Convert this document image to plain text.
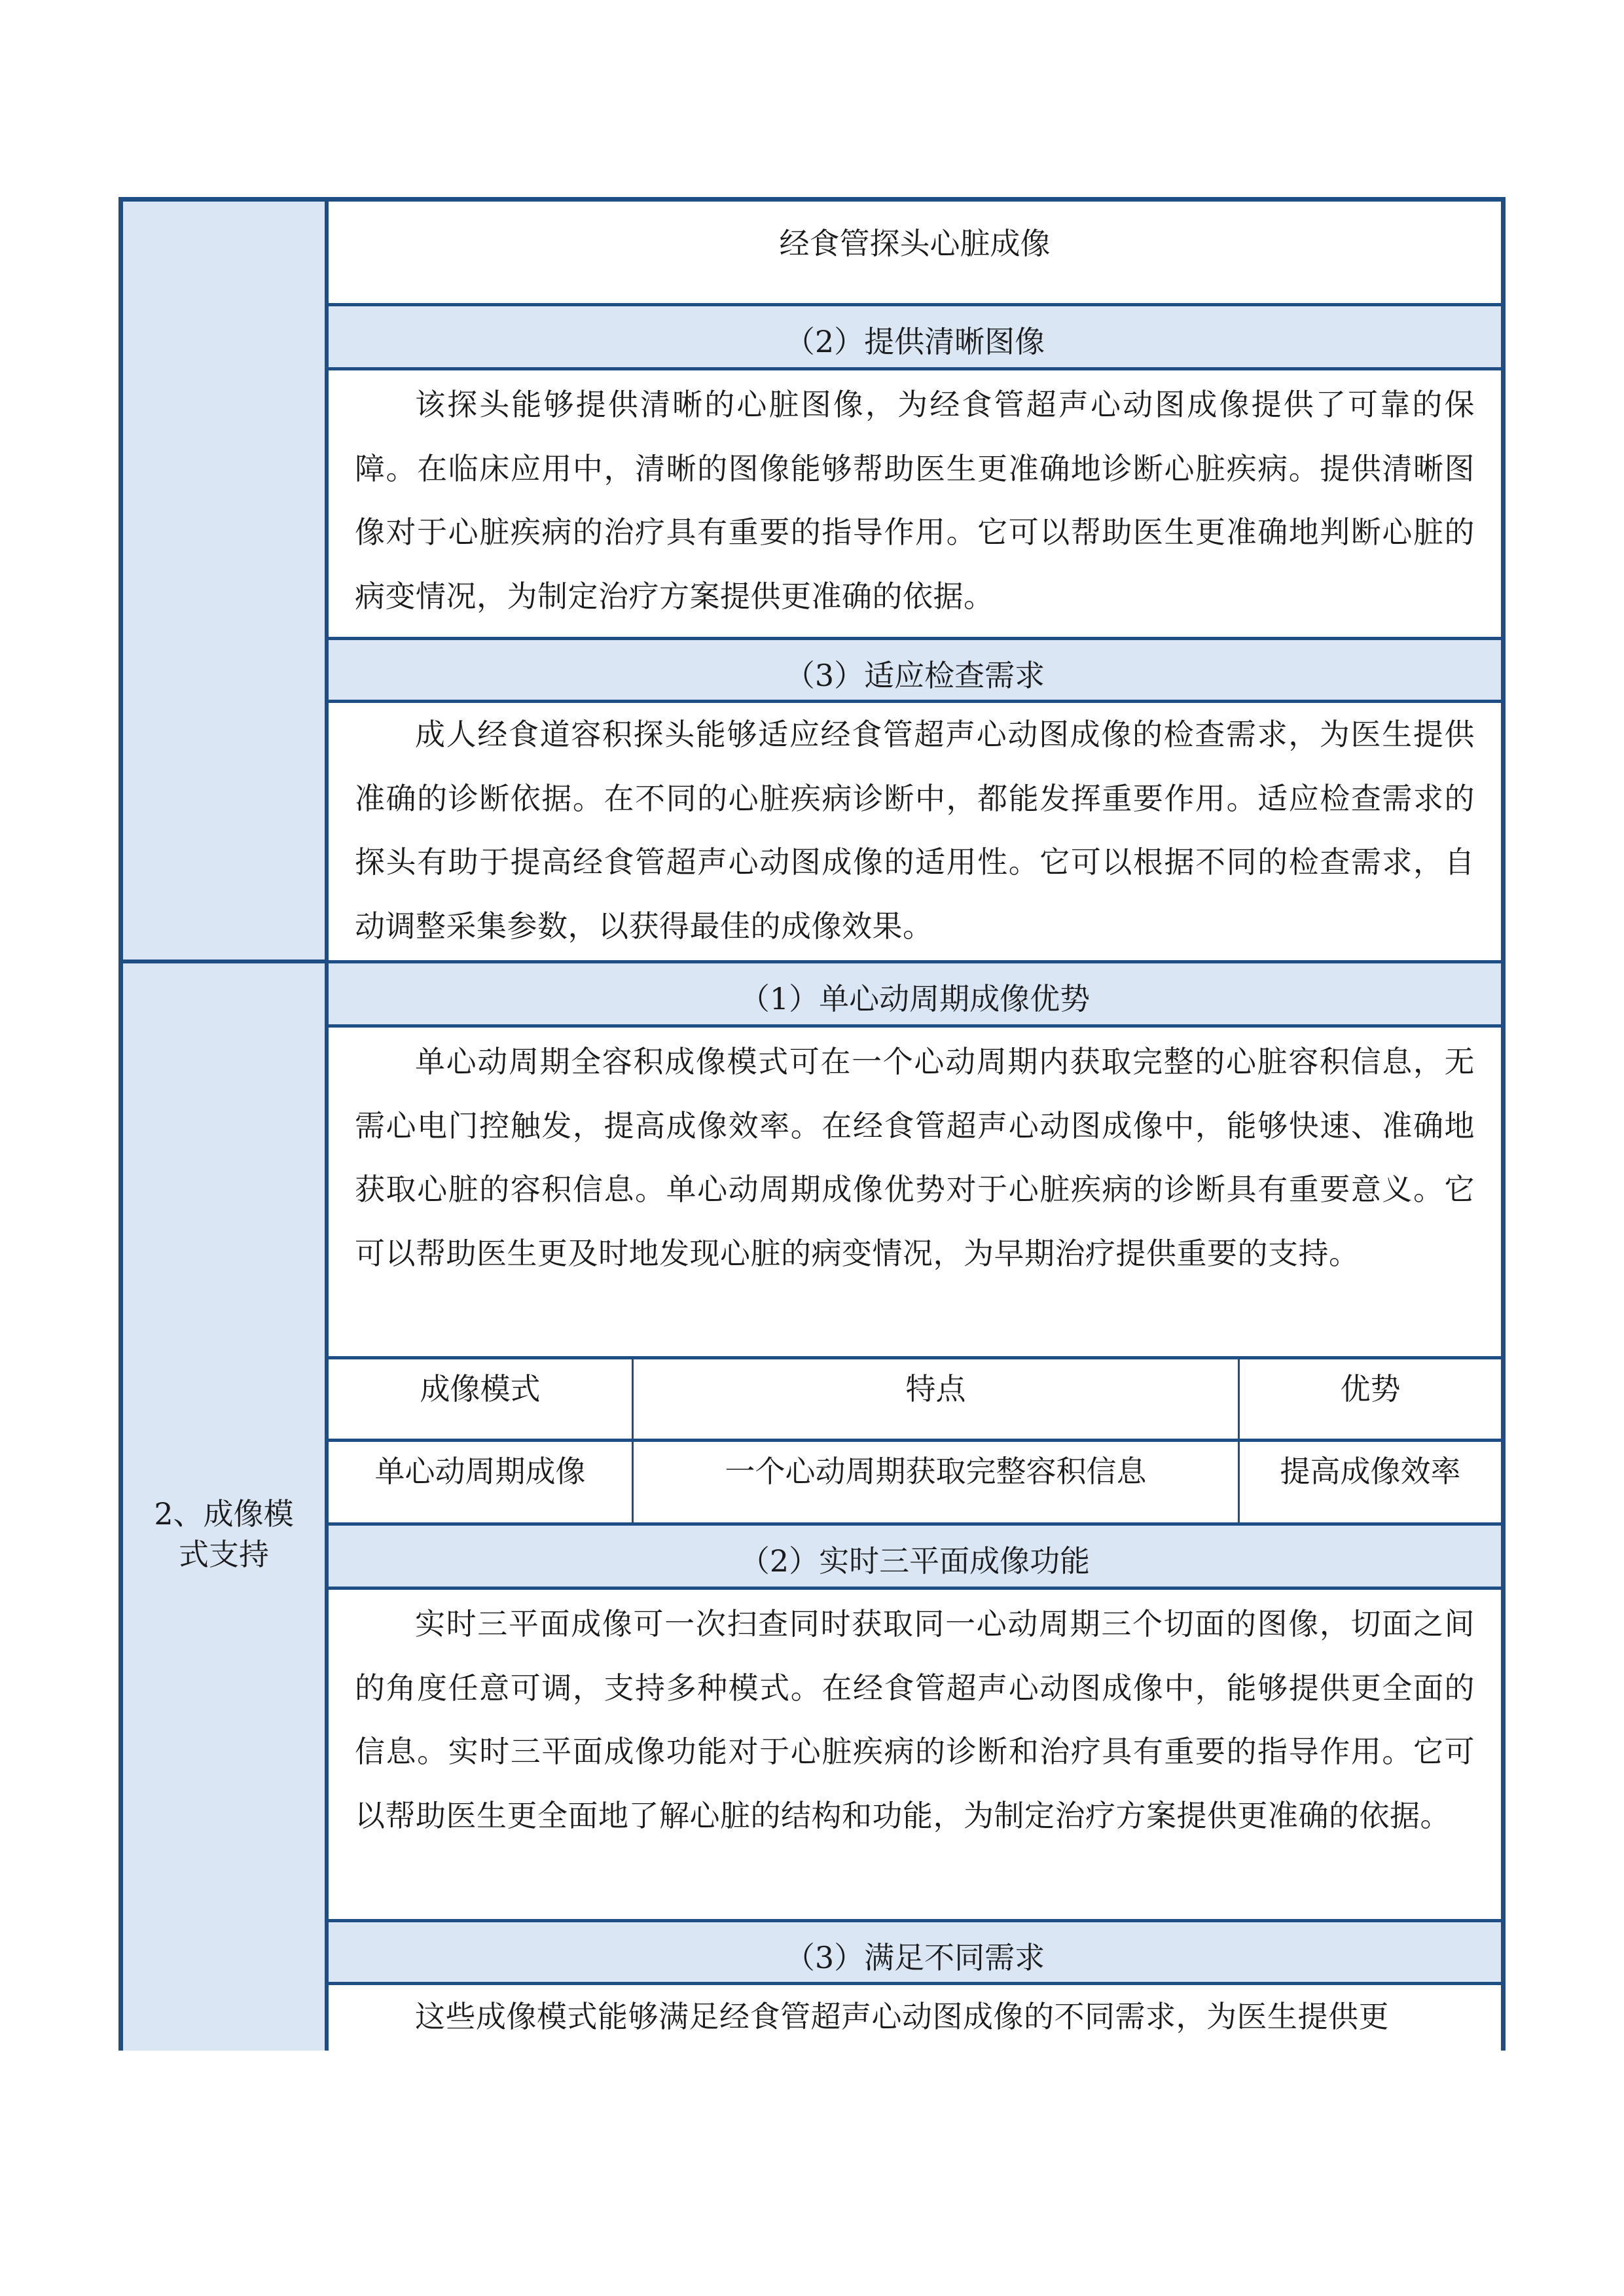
2、成像模
式支持
经食管探头心脏成像
（2）提供清晰图像

该探头能够提供清晰的心脏图像，为经食管超声心动图成像提供了可靠的保障。在临床应用中，清晰的图像能够帮助医生更准确地诊断心脏疾病。提供清晰图像对于心脏疾病的治疗具有重要的指导作用。它可以帮助医生更准确地判断心脏的病变情况，为制定治疗方案提供更准确的依据。

（3）适应检查需求

成人经食道容积探头能够适应经食管超声心动图成像的检查需求，为医生提供准确的诊断依据。在不同的心脏疾病诊断中，都能发挥重要作用。适应检查需求的探头有助于提高经食管超声心动图成像的适用性。它可以根据不同的检查需求，自动调整采集参数，以获得最佳的成像效果。

（1）单心动周期成像优势

单心动周期全容积成像模式可在一个心动周期内获取完整的心脏容积信息，无需心电门控触发，提高成像效率。在经食管超声心动图成像中，能够快速、准确地获取心脏的容积信息。单心动周期成像优势对于心脏疾病的诊断具有重要意义。它可以帮助医生更及时地发现心脏的病变情况，为早期治疗提供重要的支持。

成像模式	特点	优势
单心动周期成像	一个心动周期获取完整容积信息	提高成像效率
（2）实时三平面成像功能

实时三平面成像可一次扫查同时获取同一心动周期三个切面的图像，切面之间的角度任意可调，支持多种模式。在经食管超声心动图成像中，能够提供更全面的信息。实时三平面成像功能对于心脏疾病的诊断和治疗具有重要的指导作用。它可以帮助医生更全面地了解心脏的结构和功能，为制定治疗方案提供更准确的依据。

（3）满足不同需求

这些成像模式能够满足经食管超声心动图成像的不同需求，为医生提供更
